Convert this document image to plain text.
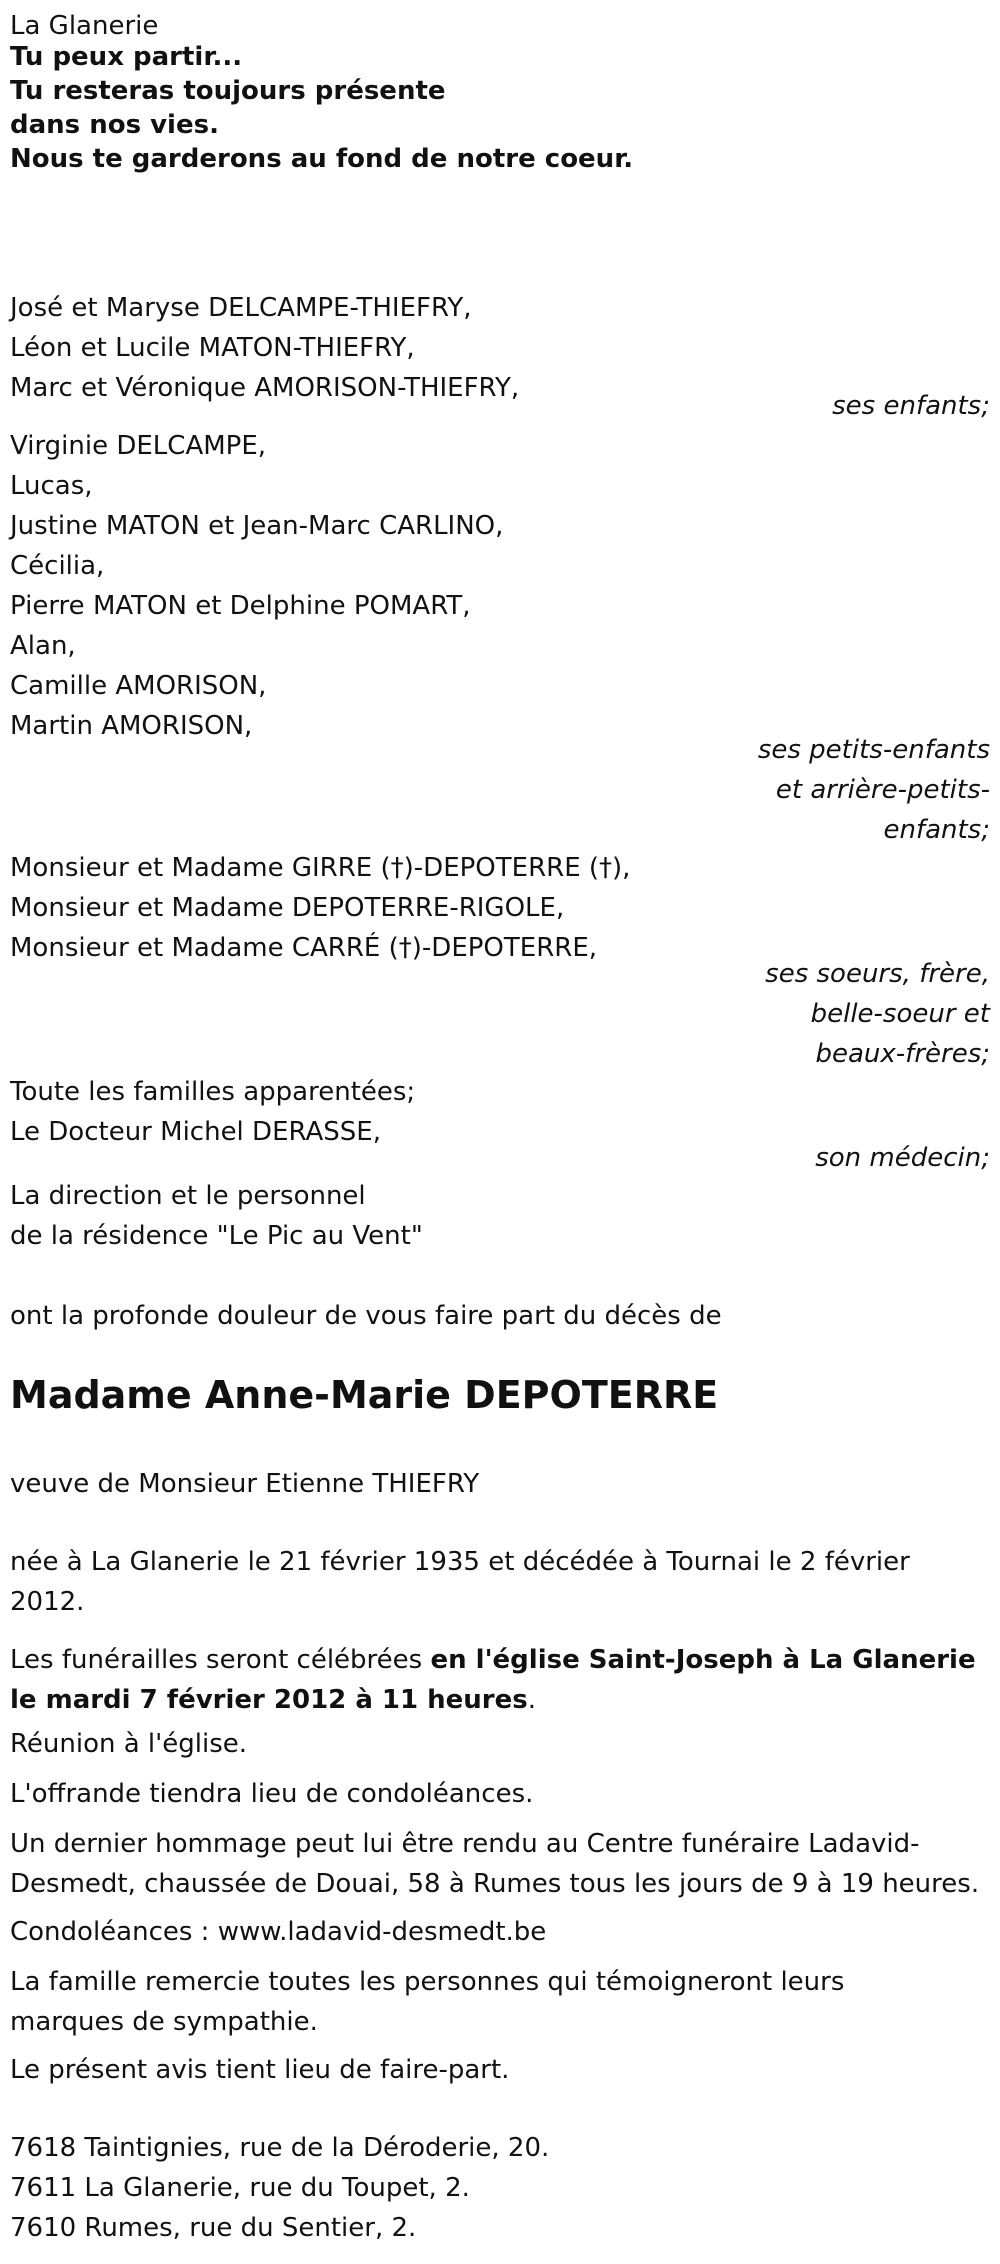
La Glanerie
Tu peux partir...
Tu resteras toujours présente
dans nos vies.
Nous te garderons au fond de notre coeur.
José et Maryse DELCAMPE-THIEFRY,
Léon et Lucile MATON-THIEFRY,
Marc et Véronique AMORISON-THIEFRY,
ses enfants;
Virginie DELCAMPE,
Lucas,
Justine MATON et Jean-Marc CARLINO,
Cécilia,
Pierre MATON et Delphine POMART,
Alan,
Camille AMORISON,
Martin AMORISON,
ses petits-enfants
et arrière-petits-
enfants;
Monsieur et Madame GIRRE (†)-DEPOTERRE (†),
Monsieur et Madame DEPOTERRE-RIGOLE,
Monsieur et Madame CARRÉ (†)-DEPOTERRE,
ses soeurs, frère,
belle-soeur et
beaux-frères;
Toute les familles apparentées;
Le Docteur Michel DERASSE,
son médecin;
La direction et le personnel
de la résidence "Le Pic au Vent"
ont la profonde douleur de vous faire part du décès de
Madame Anne-Marie DEPOTERRE
veuve de Monsieur Etienne THIEFRY
née à La Glanerie le 21 février 1935 et décédée à Tournai le 2 février 2012.
Les funérailles seront célébrées en l'église Saint-Joseph à La Glanerie le mardi 7 février 2012 à 11 heures.
Réunion à l'église.
L'offrande tiendra lieu de condoléances.
Un dernier hommage peut lui être rendu au Centre funéraire Ladavid-Desmedt, chaussée de Douai, 58 à Rumes tous les jours de 9 à 19 heures.
Condoléances : www.ladavid-desmedt.be
La famille remercie toutes les personnes qui témoigneront leurs marques de sympathie.
Le présent avis tient lieu de faire-part.
7618 Taintignies, rue de la Déroderie, 20.
7611 La Glanerie, rue du Toupet, 2.
7610 Rumes, rue du Sentier, 2.
